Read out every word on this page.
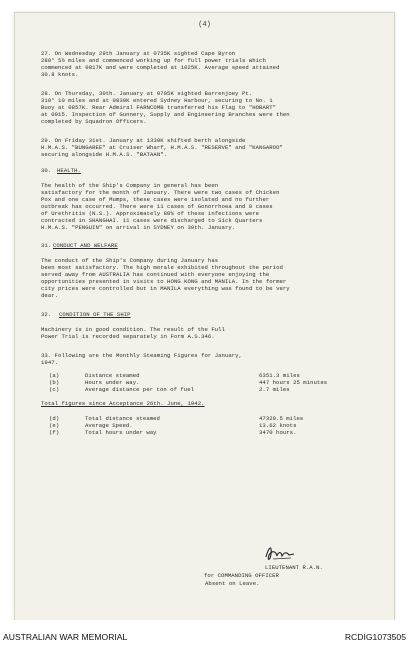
(4)
27. On Wednesday 29th January at 0735K sighted Cape Byron
280° 5½ miles and commenced working up for full power trials which
commenced at 0817K and were completed at 1025K. Average speed attained
30.8 knots.
28. On Thursday, 30th. January at 0705K sighted Barrenjoey Pt.
310° 10 miles and at 0830K entered Sydney Harbour, securing to No. 1
Buoy at 0857K. Rear Admiral FARNCOMB transferred his Flag to "HOBART"
at 0915. Inspection of Gunnery, Supply and Engineering Branches were then
completed by Squadron Officers.
29. On Friday 31st. January at 1330K shifted berth alongside
H.M.A.S. "BUNGAREE" at Cruiser Wharf, H.M.A.S. "RESERVE" and "KANGAROO"
securing alongside H.M.A.S. "BATAAN".
30. HEALTH.
The health of the Ship's Company in general has been
satisfactory for the month of January. There were two cases of Chicken
Pox and one case of Mumps, these cases were isolated and no further
outbreak has occurred. There were 11 cases of Gonorrhoea and 8 cases
of Urethritis (N.S.). Approximately 80% of these infections were
contracted in SHANGHAI. 11 cases were discharged to Sick Quarters
H.M.A.S. "PENGUIN" on arrival in SYDNEY on 30th. January.
31. CONDUCT AND WELFARE
The conduct of the Ship's Company during January has
been most satisfactory. The high morale exhibited throughout the period
served away from AUSTRALIA has continued with everyone enjoying the
opportunities presented in visits to HONG KONG and MANILA. In the former
city prices were controlled but in MANILA everything was found to be very
dear.
32. CONDITION OF THE SHIP
Machinery is in good condition. The result of the Full
Power Trial is recorded separately in Form A.S.346.
33. Following are the Monthly Steaming Figures for January,
1947.
(a)	Distance steamed	6351.3 miles
(b)	Hours under way.	447 hours 25 minutes
(c)	Average distance per ton of fuel	2.7 miles
Total figures since Acceptance 26th. June, 1942.
(d)	Total distance steamed	47329.5 miles
(e)	Average Speed.	13.62 knots
(f)	Total hours under way	3470 hours.
LIEUTENANT R.A.N.
for COMMANDING OFFICER
Absent on Leave.
AUSTRALIAN WAR MEMORIAL	RCDIG1073505
